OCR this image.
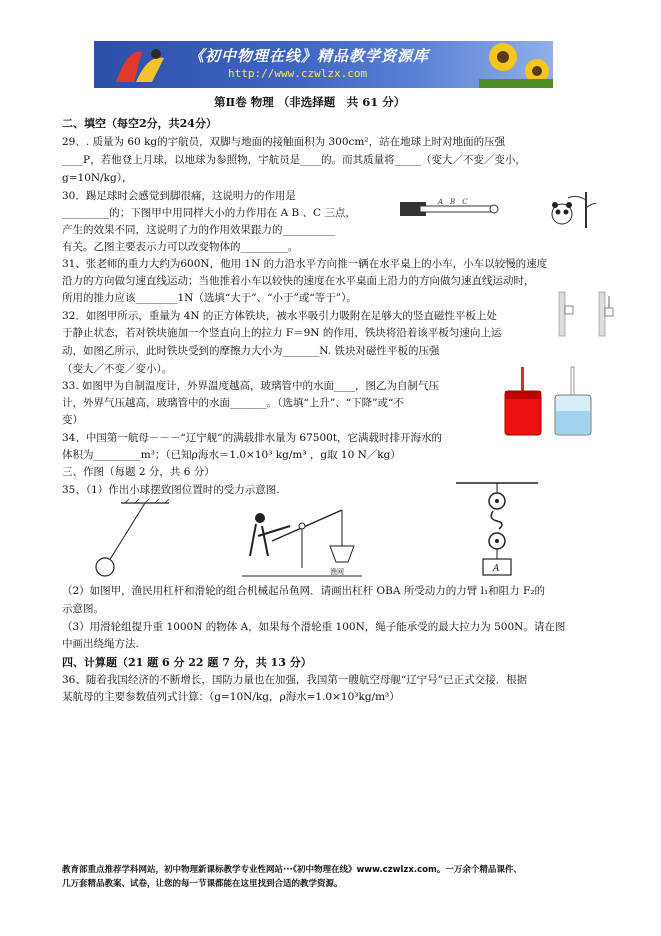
《初中物理在线》精品教学资源库
http://www.czwlzx.com
第Ⅱ卷 物理 （非选择题　共 61 分）
二、填空（每空2分，共24分）
29、. 质量为 60 kg的宇航员，双脚与地面的接触面积为 300cm²，站在地球上时对地面的压强
____P，若他登上月球，以地球为参照物，宇航员是____的。而其质量将_____（变大／不变／变小，
g=10N/kg），
30．踢足球时会感觉到脚很痛，这说明力的作用是
_________的；下图甲中用同样大小的力作用在 A B 、C 三点，
产生的效果不同，这说明了力的作用效果跟力的__________
有关。乙图主要表示力可以改变物体的_________。
31、张老师的重力大约为600N，他用 1N 的力沿水平方向推一辆在水平桌上的小车，小车以较慢的速度
沿力的方向做匀速直线运动；当他推着小车以较快的速度在水平桌面上沿力的方向做匀速直线运动时，
所用的推力应该________1N（选填“大于”、“小于”或“等于”）。
32．如图甲所示，重量为 4N 的正方体铁块，被水平吸引力吸附在足够大的竖直磁性平板上处
于静止状态，若对铁块施加一个竖直向上的拉力 F＝9N 的作用，铁块将沿着该平板匀速向上运
动，如图乙所示，此时铁块受到的摩擦力大小为_______N. 铁块对磁性平板的压强
（变大／不变／变小）。
33. 如图甲为自制温度计，外界温度越高，玻璃管中的水面____，图乙为自制气压
计，外界气压越高，玻璃管中的水面_______。（选填“上升”、“下降”或“不
变）
34、中国第一航母－－－“辽宁舰”的满载排水量为 67500t，它满载时排开海水的
体积为_________m³；（已知ρ海水＝1.0×10³ kg/m³ ，g取 10 N／kg）
三、作图（每题 2 分，共 6 分）
35、（1）作出小球摆致图位置时的受力示意图.
（2）如图甲，渔民用杠杆和滑轮的组合机械起吊鱼网．请画出杠杆 OBA 所受动力的力臂 l₁和阻力 F₂的
示意图。
（3）用滑轮组提升重 1000N 的物体 A，如果每个滑轮重 100N，绳子能承受的最大拉力为 500N。请在图
中画出绕绳方法.
四、计算题（21 题 6 分 22 题 7 分，共 13 分）
36、随着我国经济的不断增长，国防力量也在加强，我国第一艘航空母舰“辽宁号”已正式交接．根据
某航母的主要参数值列式计算：（g=10N/kg，ρ海水=1.0×10³kg/m³）
A　B　C
渔网	A
教育部重点推荐学科网站，初中物理新课标教学专业性网站···《初中物理在线》www.czwlzx.com。一万余个精品课件、
几万套精品教案、试卷，让您的每一节课都能在这里找到合适的教学资源。
